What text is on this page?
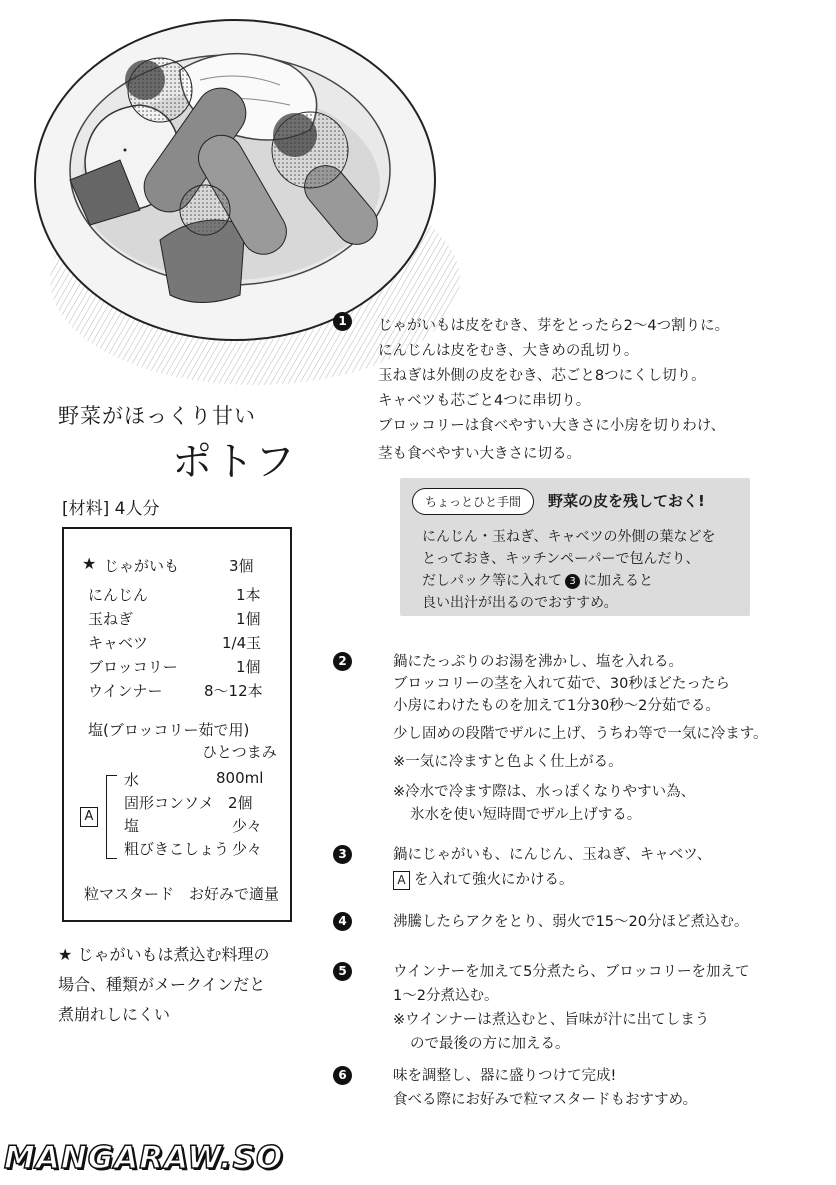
野菜がほっくり甘い
ポトフ
[材料] 4人分
★ じゃがいも	3個
にんじん	1本
玉ねぎ	1個
キャベツ	1/4玉
ブロッコリー	1個
ウインナー	8～12本
塩(ブロッコリー茹で用)
ひとつまみ
A
水	800ml
固形コンソメ 2個
塩	少々
粗びきこしょう 少々
粒マスタード　お好みで適量
★ じゃがいもは煮込む料理の
場合、種類がメークインだと
煮崩れしにくい
1	じゃがいもは皮をむき、芽をとったら2～4つ割りに。
にんじんは皮をむき、大きめの乱切り。
玉ねぎは外側の皮をむき、芯ごと8つにくし切り。
キャベツも芯ごと4つに串切り。
ブロッコリーは食べやすい大きさに小房を切りわけ、
茎も食べやすい大きさに切る。
ちょっとひと手間	野菜の皮を残しておく!
にんじん・玉ねぎ、キャベツの外側の葉などを
とっておき、キッチンペーパーで包んだり、
だしパック等に入れて 3 に加えると
良い出汁が出るのでおすすめ。
2	鍋にたっぷりのお湯を沸かし、塩を入れる。
ブロッコリーの茎を入れて茹で、30秒ほどたったら
小房にわけたものを加えて1分30秒～2分茹でる。
少し固めの段階でザルに上げ、うちわ等で一気に冷ます。
※一気に冷ますと色よく仕上がる。
※冷水で冷ます際は、水っぽくなりやすい為、
氷水を使い短時間でザル上げする。
3	鍋にじゃがいも、にんじん、玉ねぎ、キャベツ、
A を入れて強火にかける。
4	沸騰したらアクをとり、弱火で15～20分ほど煮込む。
5	ウインナーを加えて5分煮たら、ブロッコリーを加えて
1～2分煮込む。
※ウインナーは煮込むと、旨味が汁に出てしまう
ので最後の方に加える。
6	味を調整し、器に盛りつけて完成!
食べる際にお好みで粒マスタードもおすすめ。
MANGARAW.SO
